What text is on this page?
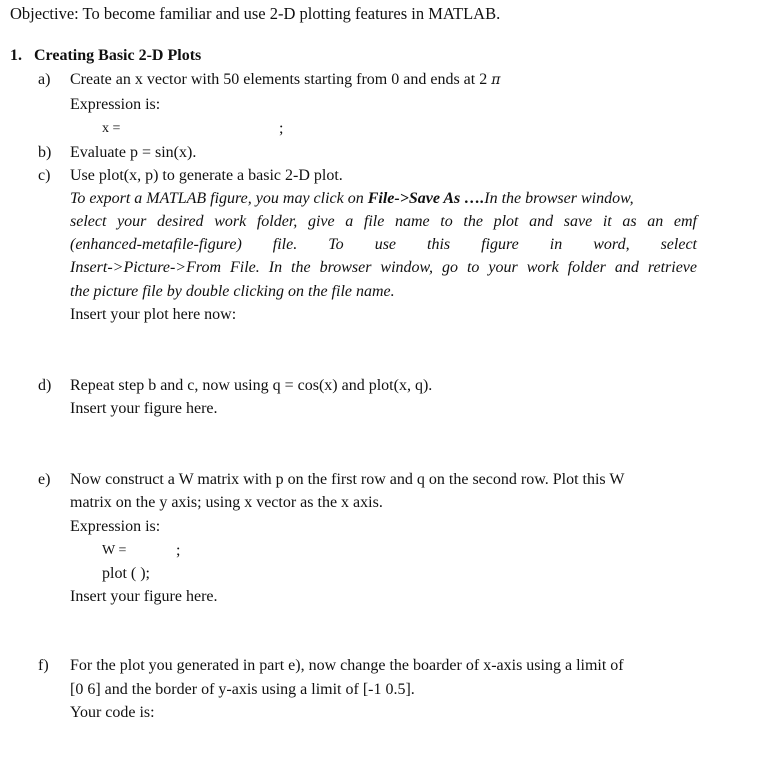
Objective: To become familiar and use 2-D plotting features in MATLAB.
1. Creating Basic 2-D Plots
a) Create an x vector with 50 elements starting from 0 and ends at 2 π
Expression is:
x =	;
b) Evaluate p = sin(x).
c) Use plot(x, p) to generate a basic 2-D plot.
To export a MATLAB figure, you may click on File->Save As ….In the browser window,
select your desired work folder, give a file name to the plot and save it as an emf
(enhanced-metafile-figure) file. To use this figure in word, select
Insert->Picture->From File. In the browser window, go to your work folder and retrieve
the picture file by double clicking on the file name.
Insert your plot here now:
d) Repeat step b and c, now using q = cos(x) and plot(x, q).
Insert your figure here.
e) Now construct a W matrix with p on the first row and q on the second row. Plot this W
matrix on the y axis; using x vector as the x axis.
Expression is:
W =	;
plot ( );
Insert your figure here.
f) For the plot you generated in part e), now change the boarder of x-axis using a limit of
[0 6] and the border of y-axis using a limit of [-1 0.5].
Your code is:
